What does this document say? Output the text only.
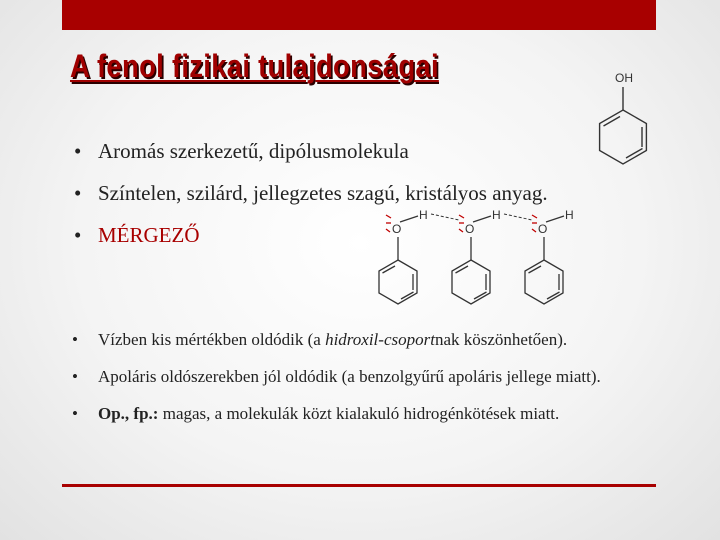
A fenol fizikai tulajdonságai	OH
O
H
O
H
O
H
• Aromás szerkezetű, dipólusmolekula
• Színtelen, szilárd, jellegzetes szagú, kristályos anyag.
• MÉRGEZŐ
• Vízben kis mértékben oldódik (a hidroxil-csoportnak köszönhetően).
• Apoláris oldószerekben jól oldódik (a benzolgyűrű apoláris jellege miatt).
• Op., fp.: magas, a molekulák közt kialakuló hidrogénkötések miatt.
